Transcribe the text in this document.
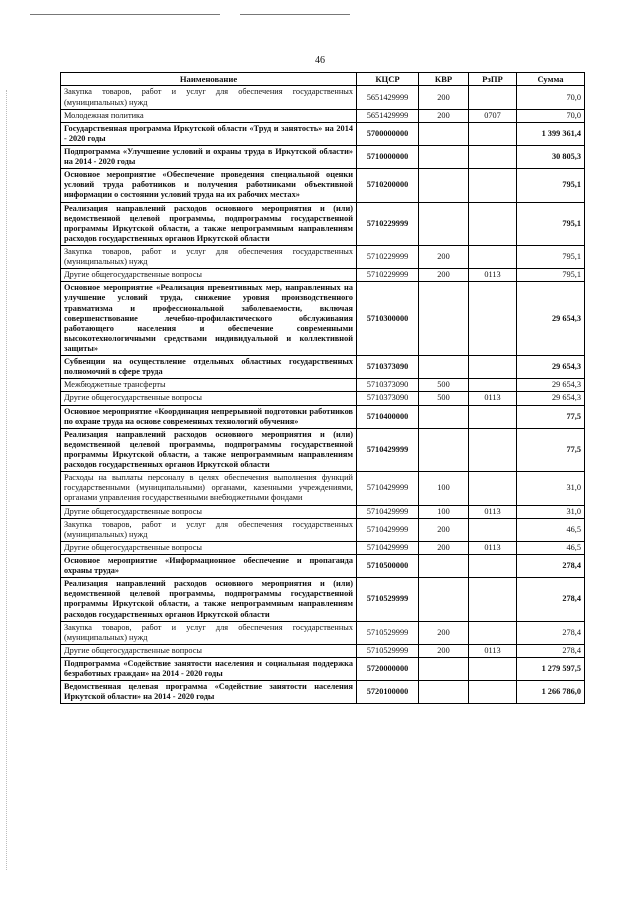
46
Наименование	КЦСР	КВР	РзПР	Сумма
Закупка товаров, работ и услуг для обеспечения государственных (муниципальных) нужд	5651429999	200		70,0
Молодежная политика	5651429999	200	0707	70,0
Государственная программа Иркутской области «Труд и занятость» на 2014 - 2020 годы	5700000000			1 399 361,4
Подпрограмма «Улучшение условий и охраны труда в Иркутской области» на 2014 - 2020 годы	5710000000			30 805,3
Основное мероприятие «Обеспечение проведения специальной оценки условий труда работников и получения работниками объективной информации о состоянии условий труда на их рабочих местах»	5710200000			795,1
Реализация направлений расходов основного мероприятия и (или) ведомственной целевой программы, подпрограммы государственной программы Иркутской области, а также непрограммным направлениям расходов государственных органов Иркутской области	5710229999			795,1
Закупка товаров, работ и услуг для обеспечения государственных (муниципальных) нужд	5710229999	200		795,1
Другие общегосударственные вопросы	5710229999	200	0113	795,1
Основное мероприятие «Реализация превентивных мер, направленных на улучшение условий труда, снижение уровня производственного травматизма и профессиональной заболеваемости, включая совершенствование лечебно-профилактического обслуживания работающего населения и обеспечение современными высокотехнологичными средствами индивидуальной и коллективной защиты»	5710300000			29 654,3
Субвенции на осуществление отдельных областных государственных полномочий в сфере труда	5710373090			29 654,3
Межбюджетные трансферты	5710373090	500		29 654,3
Другие общегосударственные вопросы	5710373090	500	0113	29 654,3
Основное мероприятие «Координация непрерывной подготовки работников по охране труда на основе современных технологий обучения»	5710400000			77,5
Реализация направлений расходов основного мероприятия и (или) ведомственной целевой программы, подпрограммы государственной программы Иркутской области, а также непрограммным направлениям расходов государственных органов Иркутской области	5710429999			77,5
Расходы на выплаты персоналу в целях обеспечения выполнения функций государственными (муниципальными) органами, казенными учреждениями, органами управления государственными внебюджетными фондами	5710429999	100		31,0
Другие общегосударственные вопросы	5710429999	100	0113	31,0
Закупка товаров, работ и услуг для обеспечения государственных (муниципальных) нужд	5710429999	200		46,5
Другие общегосударственные вопросы	5710429999	200	0113	46,5
Основное мероприятие «Информационное обеспечение и пропаганда охраны труда»	5710500000			278,4
Реализация направлений расходов основного мероприятия и (или) ведомственной целевой программы, подпрограммы государственной программы Иркутской области, а также непрограммным направлениям расходов государственных органов Иркутской области	5710529999			278,4
Закупка товаров, работ и услуг для обеспечения государственных (муниципальных) нужд	5710529999	200		278,4
Другие общегосударственные вопросы	5710529999	200	0113	278,4
Подпрограмма «Содействие занятости населения и социальная поддержка безработных граждан» на 2014 - 2020 годы	5720000000			1 279 597,5
Ведомственная целевая программа «Содействие занятости населения Иркутской области» на 2014 - 2020 годы	5720100000			1 266 786,0
